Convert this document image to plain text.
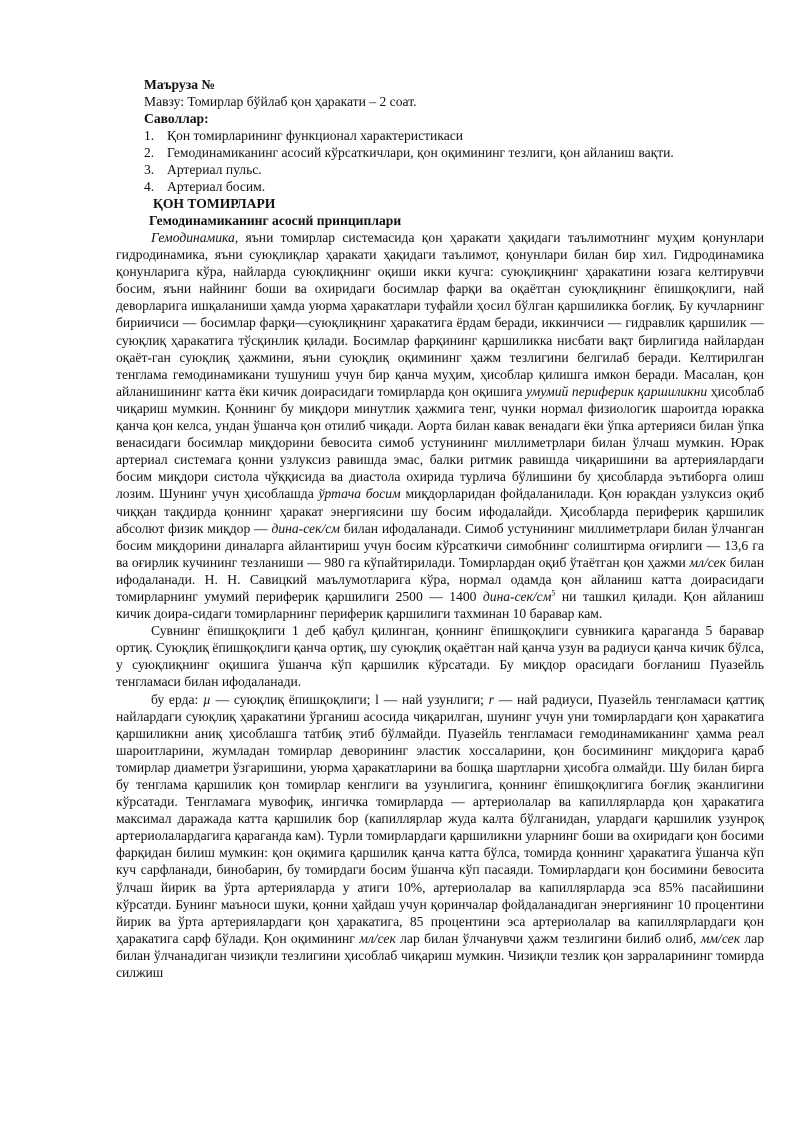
Маъруза №
Мавзу: Томирлар бўйлаб қон ҳаракати – 2 соат.
Саволлар:
1. Қон томирларининг функционал характеристикаси
2. Гемодинамиканинг асосий кўрсаткичлари, қон оқимининг тезлиги, қон айланиш вақти.
3. Артериал пульс.
4. Артериал босим.
ҚОН ТОМИРЛАРИ
Гемодинамиканинг асосий принциплари

Гемодинамика, яъни томирлар системасида қон ҳаракати ҳақидаги таълимотнинг муҳим қонунлари гидродинамика, яъни суюқлиқлар ҳаракати ҳақидаги таълимот, қонунлари билан бир хил. Гидродинамика қонунларига кўра, найларда суюқлиқнинг оқиши икки кучга: суюқлиқнинг ҳаракатини юзага келтирувчи босим, яъни найнинг боши ва охиридаги босимлар фарқи ва оқаётган суюқлиқнинг ёпишқоқлиги, най деворларига ишқаланиши ҳамда уюрма ҳаракатлари туфайли ҳосил бўлган қаршиликка боғлиқ. Бу кучларнинг бириичиси — босимлар фарқи—суюқлиқнинг ҳаракатига ёрдам беради, иккинчиси — гидравлик қаршилик —суюқлиқ ҳаракатига тўсқинлик қилади. Босимлар фарқининг қаршиликка нисбати вақт бирлигида найлардан оқаёт-ган суюқлиқ ҳажмини, яъни суюқлиқ оқимининг ҳажм тезлигини белгилаб беради. Келтирилган тенглама гемодинамикани тушуниш учун бир қанча муҳим, ҳисоблар қилишга имкон беради. Масалан, қон айланишининг катта ёки кичик доирасидаги томирларда қон оқишига умумий периферик қаршиликни ҳисоблаб чиқариш мумкин. Қоннинг бу миқдори минутлик ҳажмига тенг, чунки нормал физиологик шароитда юракка қанча қон келса, ундан ўшанча қон отилиб чиқади. Аорта билан кавак венадаги ёки ўпка артерияси билан ўпка венасидаги босимлар миқдорини бевосита симоб устунининг миллиметрлари билан ўлчаш мумкин. Юрак артериал системага қонни узлуксиз равишда эмас, балки ритмик равишда чиқаришини ва артериялардаги босим миқдори систола чўққисида ва диастола охирида турлича бўлишини бу ҳисобларда эътиборга олиш лозим. Шунинг учун ҳисоблашда ўртача босим миқдорларидан фойдаланилади. Қон юракдан узлуксиз оқиб чиққан тақдирда қоннинг ҳаракат энергиясини шу босим ифодалайди. Ҳисобларда периферик қаршилик абсолют физик миқдор — дина-сек/см билан ифодаланади. Симоб устунининг миллиметрлари билан ўлчанган босим миқдорини диналарга айлантириш учун босим кўрсаткичи симобнинг солиштирма оғирлиги — 13,6 га ва оғирлик кучининг тезланиши — 980 га кўпайтирилади. Томирлардан оқиб ўтаётган қон ҳажми мл/сек билан ифодаланади. Н. Н. Савицкий маълумотларига кўра, нормал одамда қон айланиш катта доирасидаги томирларнинг умумий периферик қаршилиги 2500 — 1400 дина-$сек/см^5$ ни ташкил қилади. Қон айланиш кичик доира-сидаги томирларнинг периферик қаршилиги тахминан 10 баравар кам.

Сувнинг ёпишқоқлиги 1 деб қабул қилинган, қоннинг ёпишқоқлиги сувникига қараганда 5 баравар ортиқ. Суюқлиқ ёпишқоқлиги қанча ортиқ, шу суюқлиқ оқаётган най қанча узун ва радиуси қанча кичик бўлса, у суюқлиқнинг оқишига ўшанча кўп қаршилик кўрсатади. Бу миқдор орасидаги боғланиш Пуазейль тенгламаси билан ифодаланади.

бу ерда: µ — суюқлиқ ёпишқоқлиги; l — най узунлиги; r — най радиуси, Пуазейль тенгламаси қаттиқ найлардаги суюқлиқ ҳаракатини ўрганиш асосида чиқарилган, шунинг учун уни томирлардаги қон ҳаракатига қаршиликни аниқ ҳисоблашга татбиқ этиб бўлмайди. Пуазейль тенгламаси гемодинамиканинг ҳамма реал шароитларини, жумладан томирлар деворининг эластик хоссаларини, қон босимининг миқдорига қараб томирлар диаметри ўзгаришини, уюрма ҳаракатларини ва бошқа шартларни ҳисобга олмайди. Шу билан бирга бу тенглама қаршилик қон томирлар кенглиги ва узунлигига, қоннинг ёпишқоқлигига боғлиқ эканлигини кўрсатади. Тенгламага мувофиқ, ингичка томирларда — артериолалар ва капиллярларда қон ҳаракатига максимал даражада катта қаршилик бор (капиллярлар жуда калта бўлганидан, улардаги қаршилик узунроқ артериолалардагига қараганда кам). Турли томирлардаги қаршиликни уларнинг боши ва охиридаги қон босими фарқидан билиш мумкин: қон оқимига қаршилик қанча катта бўлса, томирда қоннинг ҳаракатига ўшанча кўп куч сарфланади, бинобарин, бу томирдаги босим ўшанча кўп пасаяди. Томирлардаги қон босимини бевосита ўлчаш йирик ва ўрта артерияларда у атиги 10%, артериолалар ва капиллярларда эса 85% пасайишини кўрсатди. Бунинг маъноси шуки, қонни ҳайдаш учун қоринчалар фойдаланадиган энергиянинг 10 процентини йирик ва ўрта артериялардаги қон ҳаракатига, 85 процентини эса артериолалар ва капиллярлардаги қон ҳаракатига сарф бўлади. Қон оқимининг мл/сек лар билан ўлчанувчи ҳажм тезлигини билиб олиб, мм/сек лар билан ўлчанадиган чизиқли тезлигини ҳисоблаб чиқариш мумкин. Чизиқли тезлик қон зарраларининг томирда силжиш
